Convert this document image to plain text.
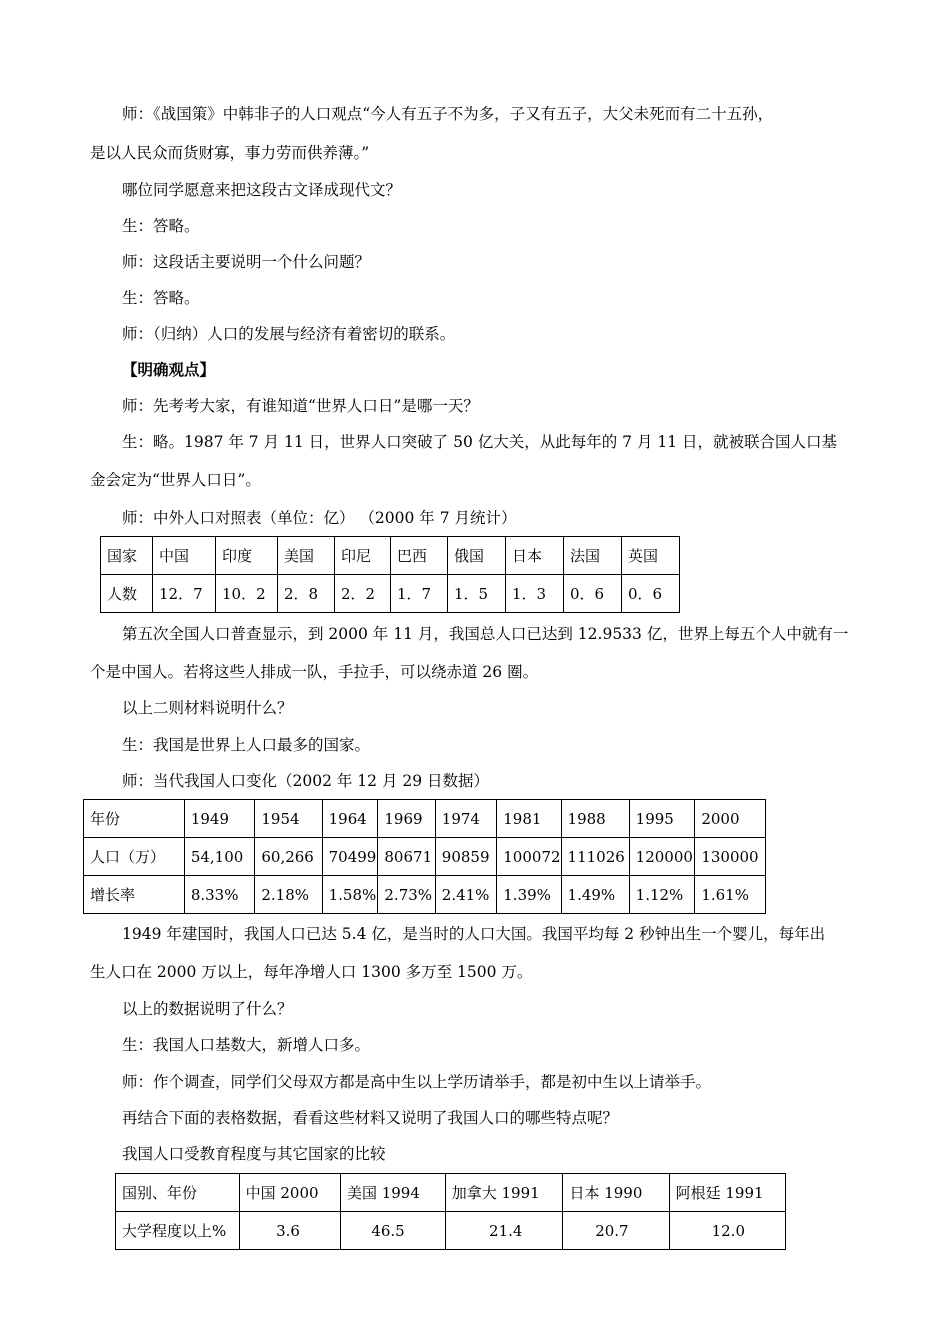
师：《战国策》中韩非子的人口观点“今人有五子不为多，子又有五子，大父未死而有二十五孙，
是以人民众而货财寡，事力劳而供养薄。”
哪位同学愿意来把这段古文译成现代文？
生：答略。
师：这段话主要说明一个什么问题？
生：答略。
师：（归纳）人口的发展与经济有着密切的联系。
【明确观点】
师：先考考大家，有谁知道“世界人口日”是哪一天？
生：略。1987 年 7 月 11 日，世界人口突破了 50 亿大关，从此每年的 7 月 11 日，就被联合国人口基
金会定为“世界人口日”。
师：中外人口对照表（单位：亿） （2000 年 7 月统计）
国家	中国	印度	美国	印尼	巴西	俄国	日本	法国	英国
人数	12．7	10．2	2．8	2．2	1．7	1．5	1．3	0．6	0．6
第五次全国人口普查显示，到 2000 年 11 月，我国总人口已达到 12.9533 亿，世界上每五个人中就有一
个是中国人。若将这些人排成一队，手拉手，可以绕赤道 26 圈。
以上二则材料说明什么？
生：我国是世界上人口最多的国家。
师：当代我国人口变化（2002 年 12 月 29 日数据）
年份	1949	1954	1964	1969	1974	1981	1988	1995	2000
人口（万）	54,100	60,266	70499	80671	90859	100072	111026	120000	130000
增长率	8.33%	2.18%	1.58%	2.73%	2.41%	1.39%	1.49%	1.12%	1.61%
1949 年建国时，我国人口已达 5.4 亿，是当时的人口大国。我国平均每 2 秒钟出生一个婴儿，每年出
生人口在 2000 万以上，每年净增人口 1300 多万至 1500 万。
以上的数据说明了什么？
生：我国人口基数大，新增人口多。
师：作个调查，同学们父母双方都是高中生以上学历请举手，都是初中生以上请举手。
再结合下面的表格数据，看看这些材料又说明了我国人口的哪些特点呢？
我国人口受教育程度与其它国家的比较
国别、年份	中国 2000	美国 1994	加拿大 1991	日本 1990	阿根廷 1991
大学程度以上%	3.6	46.5	21.4	20.7	12.0
